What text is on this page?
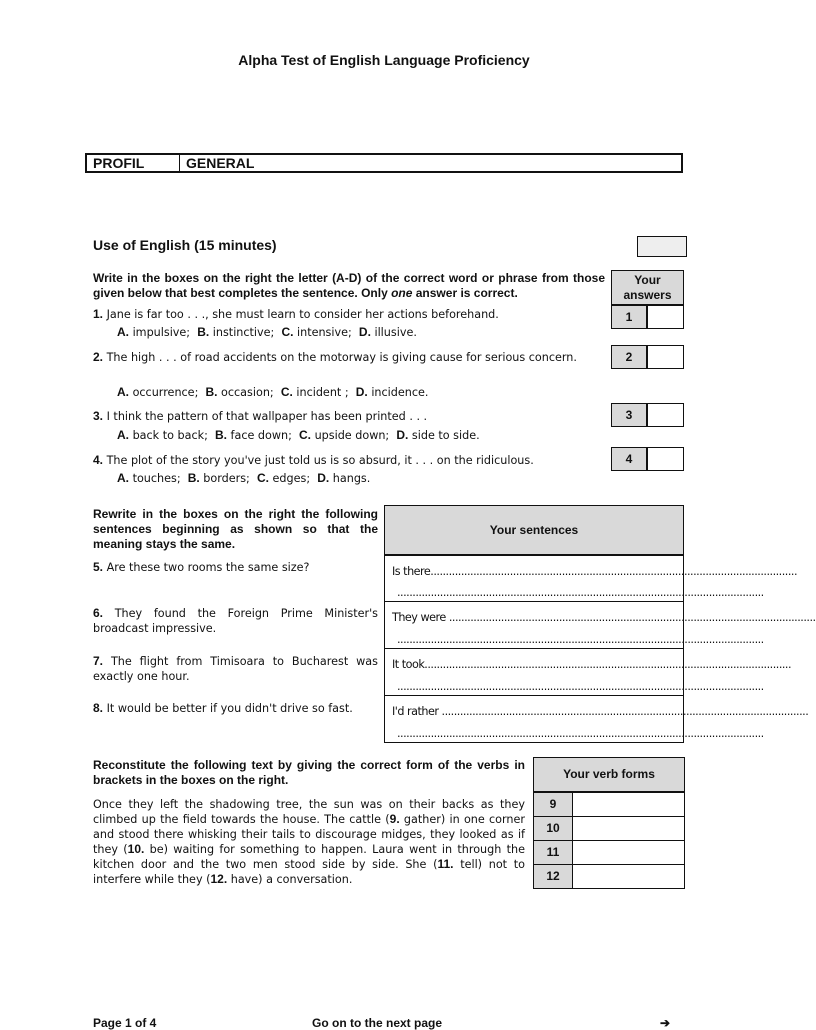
Alpha Test of English Language Proficiency
PROFIL	GENERAL
Use of English (15 minutes)
Write in the boxes on the right the letter (A-D) of the correct word or phrase from those given below that best completes the sentence. Only one answer is correct.
Your answers
1. Jane is far too . . ., she must learn to consider her actions beforehand.
A. impulsive; B. instinctive; C. intensive; D. illusive.
1
2. The high . . . of road accidents on the motorway is giving cause for serious concern.
A. occurrence; B. occasion; C. incident ; D. incidence.
2
3. I think the pattern of that wallpaper has been printed . . .
A. back to back; B. face down; C. upside down; D. side to side.
3
4. The plot of the story you've just told us is so absurd, it . . . on the ridiculous.
A. touches; B. borders; C. edges; D. hangs.
4
Rewrite in the boxes on the right the following sentences beginning as shown so that the meaning stays the same.
Your sentences
5. Are these two rooms the same size?	Is there........................................................................................................................
........................................................................................................................
6. They found the Foreign Prime Minister's broadcast impressive.
They were ........................................................................................................................
........................................................................................................................
7. The flight from Timisoara to Bucharest was exactly one hour.
It took........................................................................................................................
........................................................................................................................
8. It would be better if you didn't drive so fast.	I'd rather ........................................................................................................................
........................................................................................................................
Reconstitute the following text by giving the correct form of the verbs in brackets in the boxes on the right.	Your verb forms
Once they left the shadowing tree, the sun was on their backs as they climbed up the field towards the house. The cattle (9. gather) in one corner and stood there whisking their tails to discourage midges, they looked as if they (10. be) waiting for something to happen. Laura went in through the kitchen door and the two men stood side by side. She (11. tell) not to interfere while they (12. have) a conversation.
9
10
11
12
Page 1 of 4	Go on to the next page	➔
